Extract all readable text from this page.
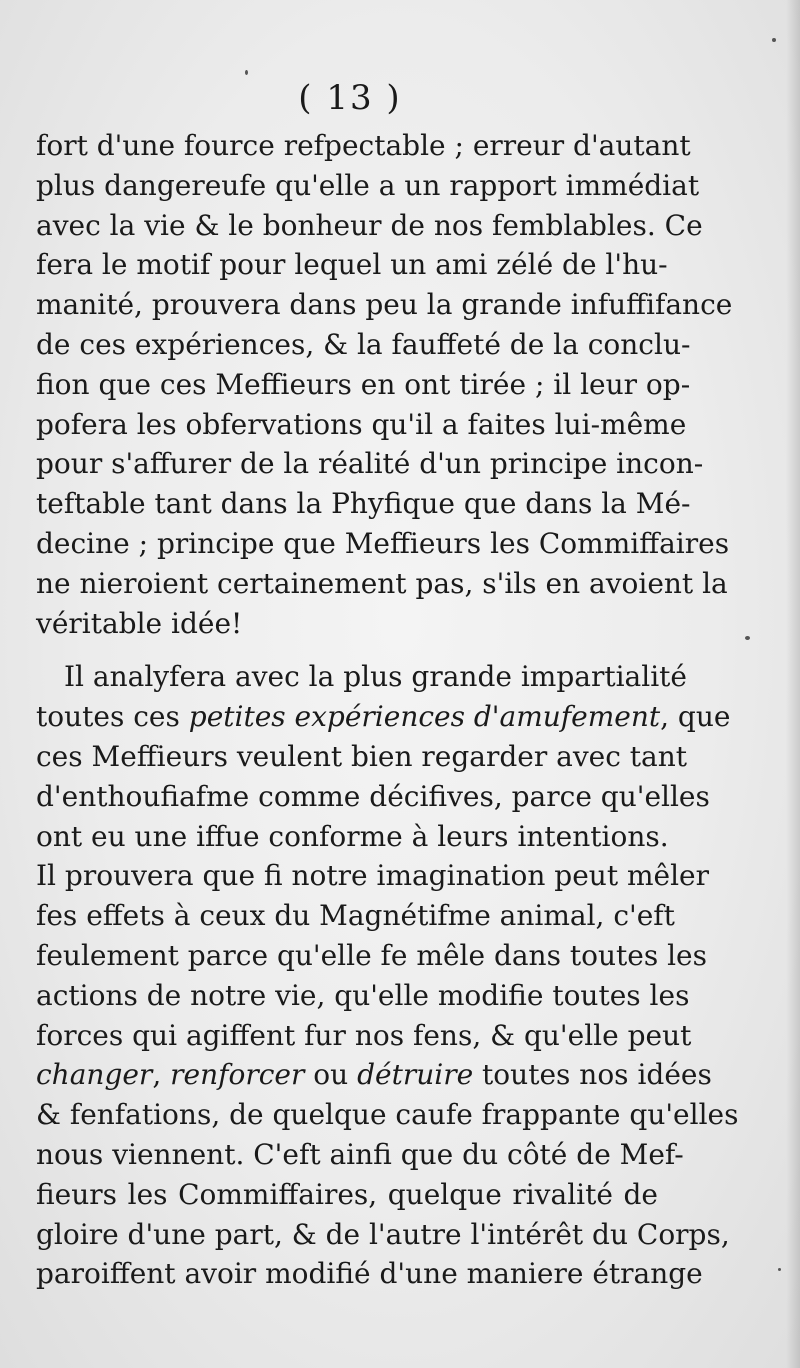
( 13 )
fort d'une fource refpectable ; erreur d'autant
plus dangereufe qu'elle a un rapport immédiat
avec la vie & le bonheur de nos femblables. Ce
fera le motif pour lequel un ami zélé de l'hu-
manité, prouvera dans peu la grande infuffifance
de ces expériences, & la fauffeté de la conclu-
fion que ces Meffieurs en ont tirée ; il leur op-
pofera les obfervations qu'il a faites lui-même
pour s'affurer de la réalité d'un principe incon-
teftable tant dans la Phyfique que dans la Mé-
decine ; principe que Meffieurs les Commiffaires
ne nieroient certainement pas, s'ils en avoient la
véritable idée!
 Il analyfera avec la plus grande impartialité
toutes ces petites expériences d'amufement, que
ces Meffieurs veulent bien regarder avec tant
d'enthoufiafme comme décifives, parce qu'elles
ont eu une iffue conforme à leurs intentions.
Il prouvera que fi notre imagination peut mêler
fes effets à ceux du Magnétifme animal, c'eft
feulement parce qu'elle fe mêle dans toutes les
actions de notre vie, qu'elle modifie toutes les
forces qui agiffent fur nos fens, & qu'elle peut
changer, renforcer ou détruire toutes nos idées
& fenfations, de quelque caufe frappante qu'elles
nous viennent. C'eft ainfi que du côté de Mef-
fieurs les Commiffaires, quelque rivalité de
gloire d'une part, & de l'autre l'intérêt du Corps,
paroiffent avoir modifié d'une maniere étrange
